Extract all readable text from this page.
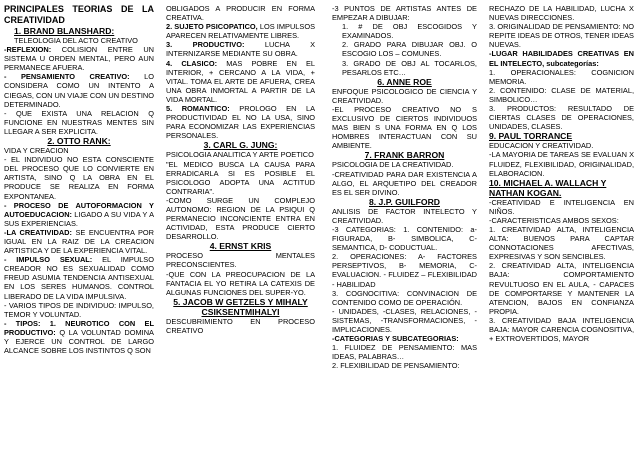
PRINCIPALES TEORIAS DE LA CREATIVIDAD

1. BRAND BLANSHARD:

TELEOLOGIA DEL ACTO CREATIVO

-REFLEXION: COLISION ENTRE UN SISTEMA U ORDEN MENTAL, PERO AUN PERMANECE AFUERA.

- PENSAMIENTO CREATIVO: LO CONSIDERA COMO UN INTENTO A CIEGAS, CON UN VIAJE CON UN DESTINO DETERMINADO.

- QUE EXISTA UNA RELACION Q FUNCIONE EN NUESTRAS MENTES SIN LLEGAR A SER EXPLICITA.

2. OTTO RANK:

VIDA Y CREACION

- EL INDIVIDUO NO ESTA CONSCIENTE DEL PROCESO QUE LO CONVIERTE EN ARTISTA, SINO Q LA OBRA EN EL PRODUCE SE REALIZA EN FORMA EXPONTANEA.

- PROCESO DE AUTOFORMACION Y AUTOEDUCACION: LIGADO A SU VIDA Y A SUS EXPERIENCIAS.

-LA CREATIVIDAD: SE ENCUENTRA POR IGUAL EN LA RAIZ DE LA CREACION ARTISTICA Y DE LA EXPERIENCIA VITAL.

- IMPULSO SEXUAL: EL IMPULSO CREADOR NO ES SEXUALIDAD COMO FREUD ASUMIA TENDENCIA ANTISEXUAL EN LOS SERES HUMANOS. CONTROL LIBERADO DE LA VIDA IMPULSIVA.

- VARIOS TIPOS DE INDIVIDUO: IMPULSO, TEMOR Y VOLUNTAD.

- TIPOS: 1. NEUROTICO CON EL PRODUCTIVO: Q LA VOLUNTAD DOMINA Y EJERCE UN CONTROL DE LARGO ALCANCE SOBRE LOS INSTINTOS Q SON

OBLIGADOS A PRODUCIR EN FORMA CREATIVA.

2. SUJETO PSICOPATICO, LOS IMPULSOS APARECEN RELATIVAMENTE LIBRES.

3. PRODUCTIVO: LUCHA X INTERNIZARSE MEDIANTE SU OBRA.

4. CLASICO: MAS POBRE EN EL INTERIOR, + CERCANO A LA VIDA, + VITAL. TOMA EL ARTE DE AFUERA, CREA UNA OBRA INMORTAL A PARTIR DE LA VIDA MORTAL.

5. ROMANTICO: PROLOGO EN LA PRODUCTIVIDAD EL NO LA USA, SINO PARA ECONOMIZAR LAS EXPERIENCIAS PERSONALES.

3. CARL G. JUNG:

PSICOLOGIA ANALITICA Y ARTE POETICO

"EL MEDICO BUSCA LA CAUSA PARA ERRADICARLA SI ES POSIBLE EL PSICOLOGO ADOPTA UNA ACTITUD CONTRARIA".

-COMO SURGE UN COMPLEJO AUTONOMO: REGION DE LA PSIQUI Q PERMANECIO INCONCIENTE ENTRA EN ACTIVIDAD, ESTA PRODUCE CIERTO DESARROLLO.

4. ERNST KRIS

PROCESO MENTALES PRECONSCIENTES.

-QUE CON LA PREOCUPACION DE LA FANTACIA EL YO RETIRA LA CATEXIS DE ALGUNAS FUNCIONES DEL SUPER-YO.

5. JACOB W GETZELS Y MIHALY CSIKSENTMIHALYI

DESCUBRIMIENTO EN PROCESO CREATIVO

-3 PUNTOS DE ARTISTAS ANTES DE EMPEZAR A DIBUJAR:

1. # DE OBJ ESCOGIDOS Y EXAMINADOS.

2. GRADO PARA DIBUJAR OBJ. O ESCOGIO LOS – COMUNES.

3. GRADO DE OBJ AL TOCARLOS, PESARLOS ETC…

6. ANNE ROE

ENFOQUE PSICOLOGICO DE CIENCIA Y CREATIVIDAD.

-EL PROCESO CREATIVO NO S EXCLUSIVO DE CIERTOS INDIVIDUOS MAS BIEN S UNA FORMA EN Q LOS HOMBRES INTERACTUAN CON SU AMBIENTE.

7. FRANK BARRON

PSICOLOGIA DE LA CREATIVIDAD.

-CREATIVIDAD PARA DAR EXISTENCIA A ALGO, EL ARQUETIPO DEL CREADOR ES EL SER DIVINO.

8. J.P. GUILFORD

ANLISIS DE FACTOR INTELECTO Y CREATIVIDAD.

-3 CATEGORIAS: 1. CONTENIDO: a- FIGURADA, B- SIMBOLICA, C- SEMANTICA, D- CODUCTUAL.

2. OPERACIONES: A- FACTORES PERSEPTIVOS, B- MEMORIA, C- EVALUACION. - FLUIDEZ – FLEXIBILIDAD - HABILIDAD

3. COGNOCITIVA: CONVINACION DE CONTENIDO COMO DE OPERACIÓN.

- UNIDADES, -CLASES, RELACIONES, -SISTEMAS, -TRANSFORMACIONES, -IMPLICACIONES.

-CATEGORIAS Y SUBCATEGORIAS:

1. FLUIDEZ DE PENSAMIENTO: MAS IDEAS, PALABRAS…

2. FLEXIBILIDAD DE PENSAMIENTO:

RECHAZO DE LA HABILIDAD, LUCHA X NUEVAS DIRECCIONES.

3. ORIGINALIDAD DE PENSAMIENTO: NO REPITE IDEAS DE OTROS, TENER IDEAS NUEVAS.

-LUGAR HABILIDADES CREATIVAS EN EL INTELECTO, subcategorías:

1. OPERACIONALES: COGNICION MEMORIA.

2. CONTENIDO: CLASE DE MATERIAL, SIMBOLICO…

3. PRODUCTOS: RESULTADO DE CIERTAS CLASES DE OPERACIONES, UNIDADES, CLASES.

9. PAUL TORRANCE

EDUCACION Y CREATIVIDAD.

-LA MAYORIA DE TAREAS SE EVALUAN X FLUIDEZ, FLEXIBILIDAD, ORIGINALIDAD, ELABORACION.

10. MICHAEL A. WALLACH Y NATHAN KOGAN.

-CREATIVIDAD E INTELIGENCIA EN NIÑOS.

-CARACTERISTICAS AMBOS SEXOS:

1. CREATIVIDAD ALTA, INTELIGENCIA ALTA: BUENOS PARA CAPTAR CONNOTACIONES AFECTIVAS, EXPRESIVAS Y SON SENCIBLES.

2. CREATIVIDAD ALTA, INTELIGENCIA BAJA: COMPORTAMIENTO REVULTUOSO EN EL AULA, - CAPACES DE COMPORTARSE Y MANTENER LA ATENCION, BAJOS EN CONFIANZA PROPIA.

3. CREATIVIDAD BAJA INTELIGENCIA BAJA: MAYOR CARENCIA COGNOSITIVA, + EXTROVERTIDOS, MAYOR
